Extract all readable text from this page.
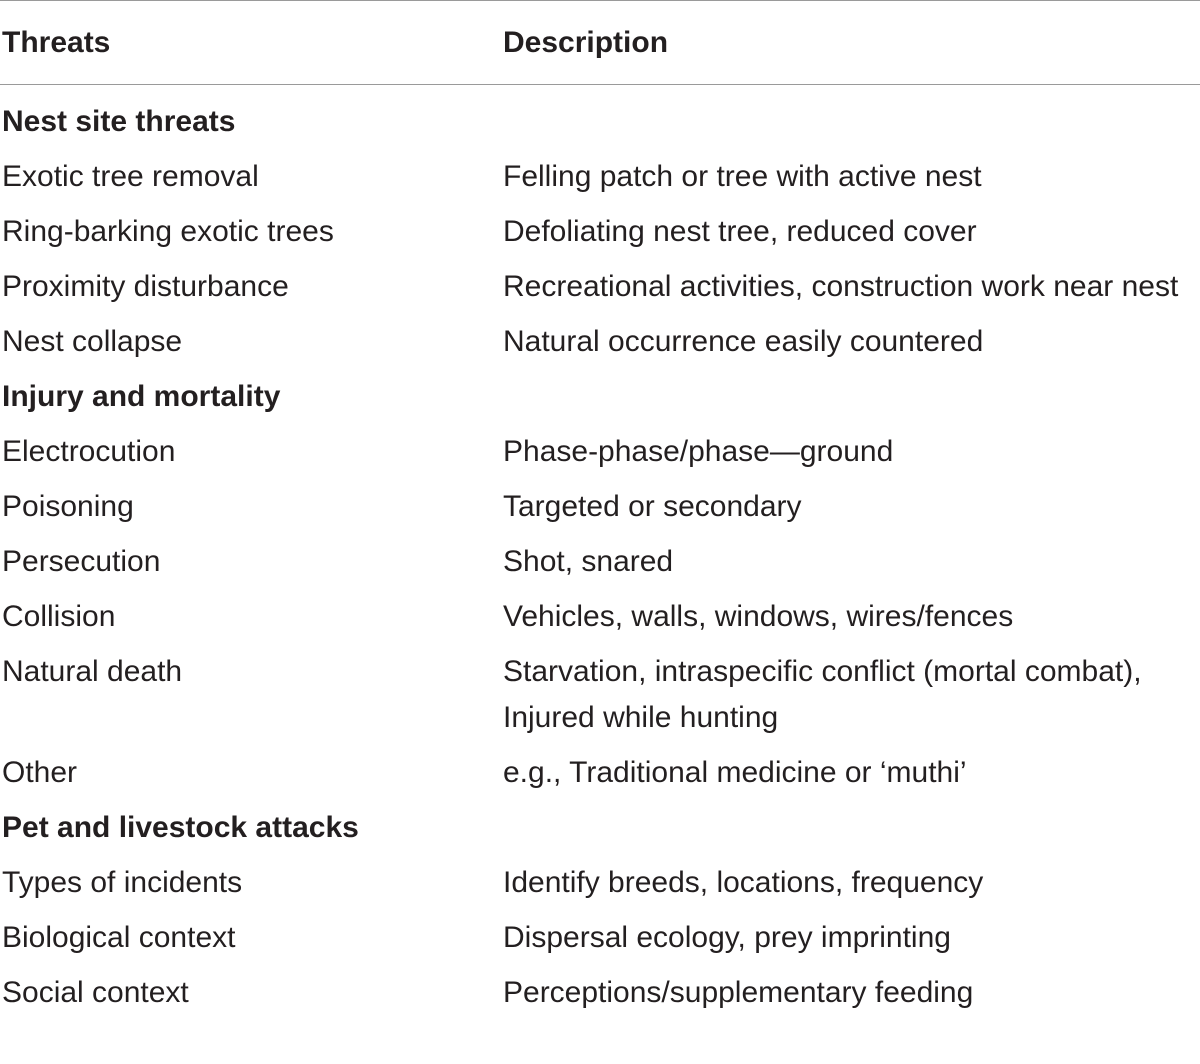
Threats	Description
Nest site threats
Exotic tree removal	Felling patch or tree with active nest
Ring-barking exotic trees	Defoliating nest tree, reduced cover
Proximity disturbance	Recreational activities, construction work near nest
Nest collapse	Natural occurrence easily countered
Injury and mortality
Electrocution	Phase-phase/phase—ground
Poisoning	Targeted or secondary
Persecution	Shot, snared
Collision	Vehicles, walls, windows, wires/fences
Natural death	Starvation, intraspecific conflict (mortal combat), Injured while hunting
Other	e.g., Traditional medicine or ‘muthi’
Pet and livestock attacks
Types of incidents	Identify breeds, locations, frequency
Biological context	Dispersal ecology, prey imprinting
Social context	Perceptions/supplementary feeding
